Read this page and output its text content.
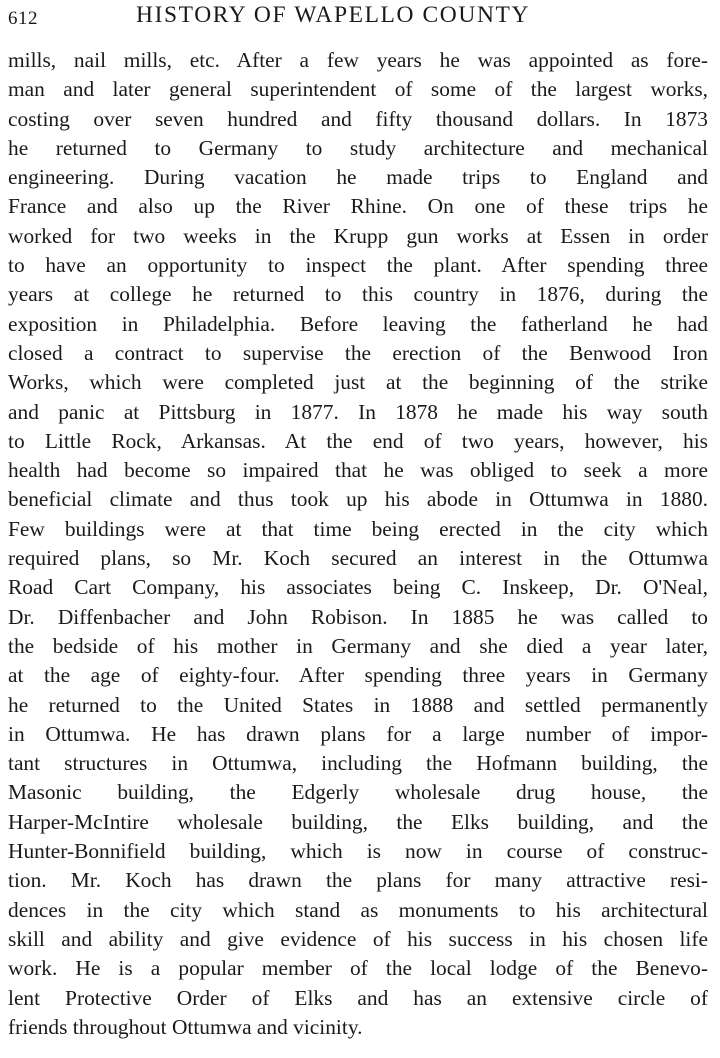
612	HISTORY OF WAPELLO COUNTY
mills, nail mills, etc. After a few years he was appointed as fore-
man and later general superintendent of some of the largest works,
costing over seven hundred and fifty thousand dollars. In 1873
he returned to Germany to study architecture and mechanical
engineering. During vacation he made trips to England and
France and also up the River Rhine. On one of these trips he
worked for two weeks in the Krupp gun works at Essen in order
to have an opportunity to inspect the plant. After spending three
years at college he returned to this country in 1876, during the
exposition in Philadelphia. Before leaving the fatherland he had
closed a contract to supervise the erection of the Benwood Iron
Works, which were completed just at the beginning of the strike
and panic at Pittsburg in 1877. In 1878 he made his way south
to Little Rock, Arkansas. At the end of two years, however, his
health had become so impaired that he was obliged to seek a more
beneficial climate and thus took up his abode in Ottumwa in 1880.
Few buildings were at that time being erected in the city which
required plans, so Mr. Koch secured an interest in the Ottumwa
Road Cart Company, his associates being C. Inskeep, Dr. O'Neal,
Dr. Diffenbacher and John Robison. In 1885 he was called to
the bedside of his mother in Germany and she died a year later,
at the age of eighty-four. After spending three years in Germany
he returned to the United States in 1888 and settled permanently
in Ottumwa. He has drawn plans for a large number of impor-
tant structures in Ottumwa, including the Hofmann building, the
Masonic building, the Edgerly wholesale drug house, the
Harper-McIntire wholesale building, the Elks building, and the
Hunter-Bonnifield building, which is now in course of construc-
tion. Mr. Koch has drawn the plans for many attractive resi-
dences in the city which stand as monuments to his architectural
skill and ability and give evidence of his success in his chosen life
work. He is a popular member of the local lodge of the Benevo-
lent Protective Order of Elks and has an extensive circle of
friends throughout Ottumwa and vicinity.
